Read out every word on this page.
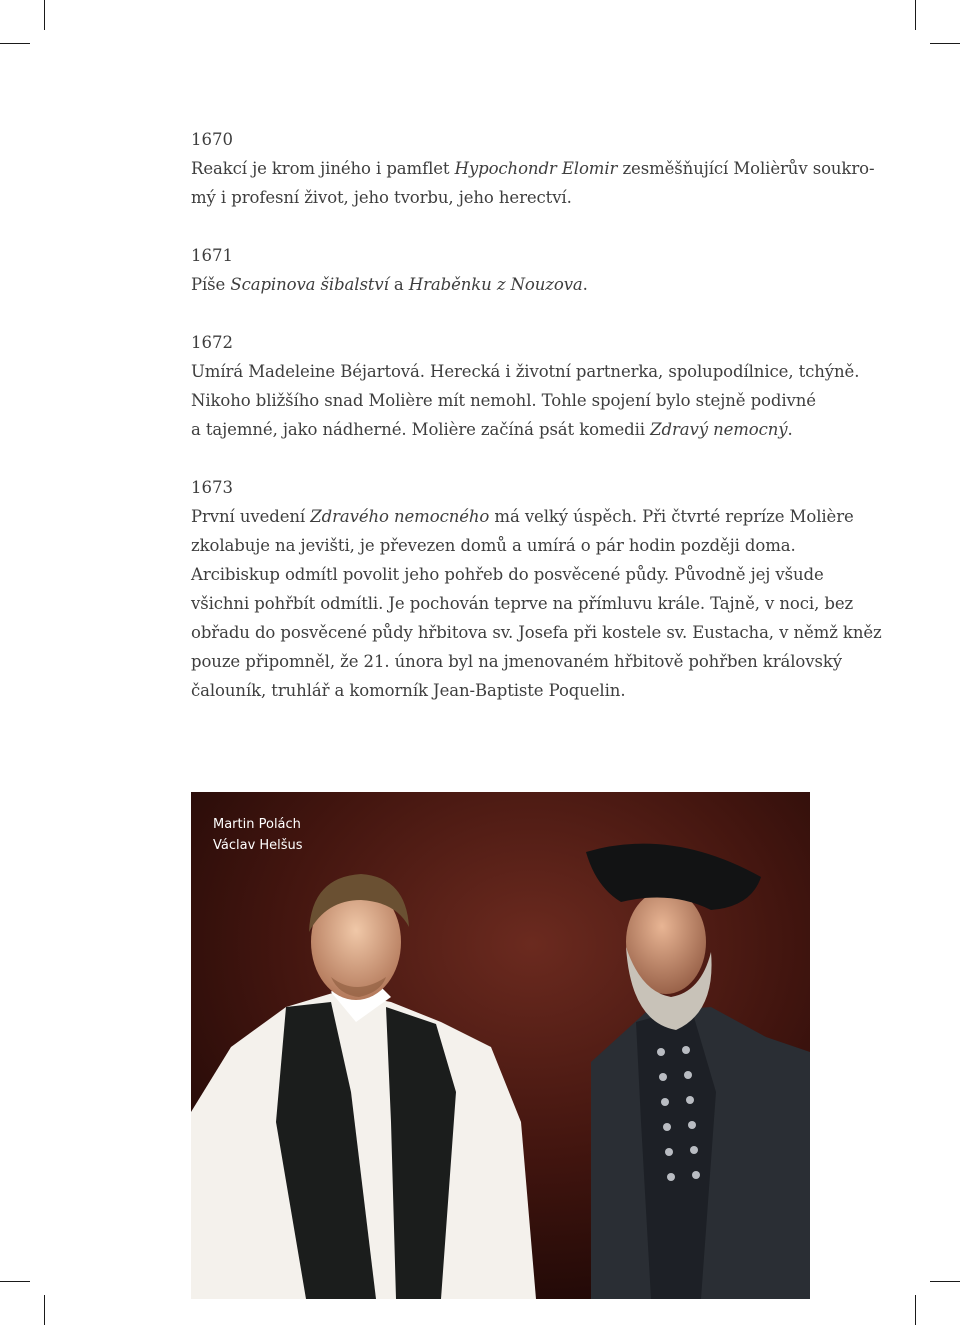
1670
Reakcí je krom jiného i pamflet Hypochondr Elomir zesměšňující Molièrův soukro-
mý i profesní život, jeho tvorbu, jeho herectví.
1671
Píše Scapinova šibalství a Hraběnku z Nouzova.
1672
Umírá Madeleine Béjartová. Herecká i životní partnerka, spolupodílnice, tchýně.
Nikoho bližšího snad Molière mít nemohl. Tohle spojení bylo stejně podivné
a tajemné, jako nádherné. Molière začíná psát komedii Zdravý nemocný.
1673
První uvedení Zdravého nemocného má velký úspěch. Při čtvrté repríze Molière
zkolabuje na jevišti, je převezen domů a umírá o pár hodin později doma.
Arcibiskup odmítl povolit jeho pohřeb do posvěcené půdy. Původně jej všude
všichni pohřbít odmítli. Je pochován teprve na přímluvu krále. Tajně, v noci, bez
obřadu do posvěcené půdy hřbitova sv. Josefa při kostele sv. Eustacha, v němž kněz
pouze připomněl, že 21. února byl na jmenovaném hřbitově pohřben královský
čalouník, truhlář a komorník Jean-Baptiste Poquelin.
Martin Polách
Václav Helšus
